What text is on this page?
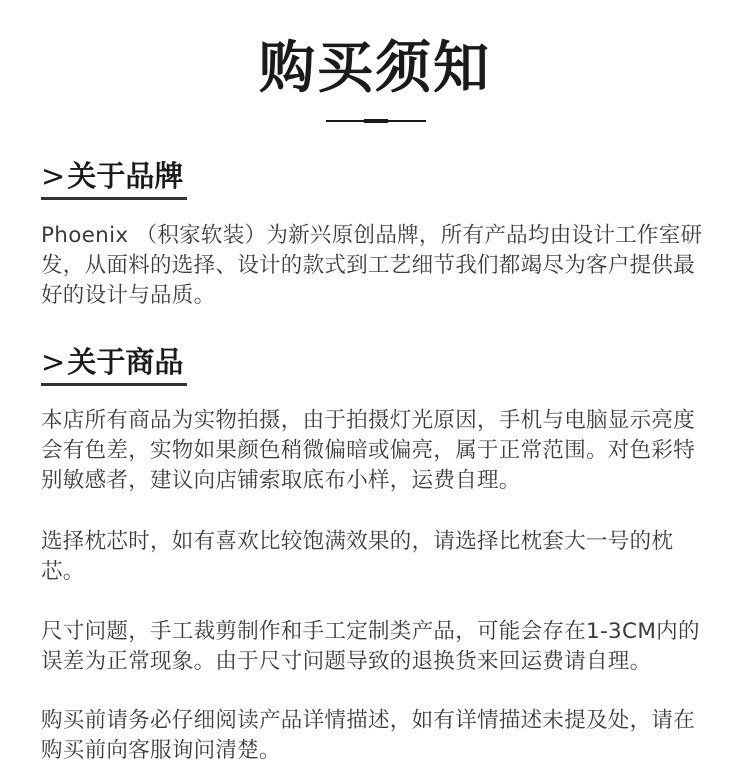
购买须知
>关于品牌

Phoenix （积家软装）为新兴原创品牌，所有产品均由设计工作室研发，从面料的选择、设计的款式到工艺细节我们都竭尽为客户提供最好的设计与品质。

>关于商品

本店所有商品为实物拍摄，由于拍摄灯光原因，手机与电脑显示亮度会有色差，实物如果颜色稍微偏暗或偏亮，属于正常范围。对色彩特别敏感者，建议向店铺索取底布小样，运费自理。

选择枕芯时，如有喜欢比较饱满效果的，请选择比枕套大一号的枕芯。

尺寸问题，手工裁剪制作和手工定制类产品，可能会存在1-3CM内的误差为正常现象。由于尺寸问题导致的退换货来回运费请自理。

购买前请务必仔细阅读产品详情描述，如有详情描述未提及处，请在购买前向客服询问清楚。
